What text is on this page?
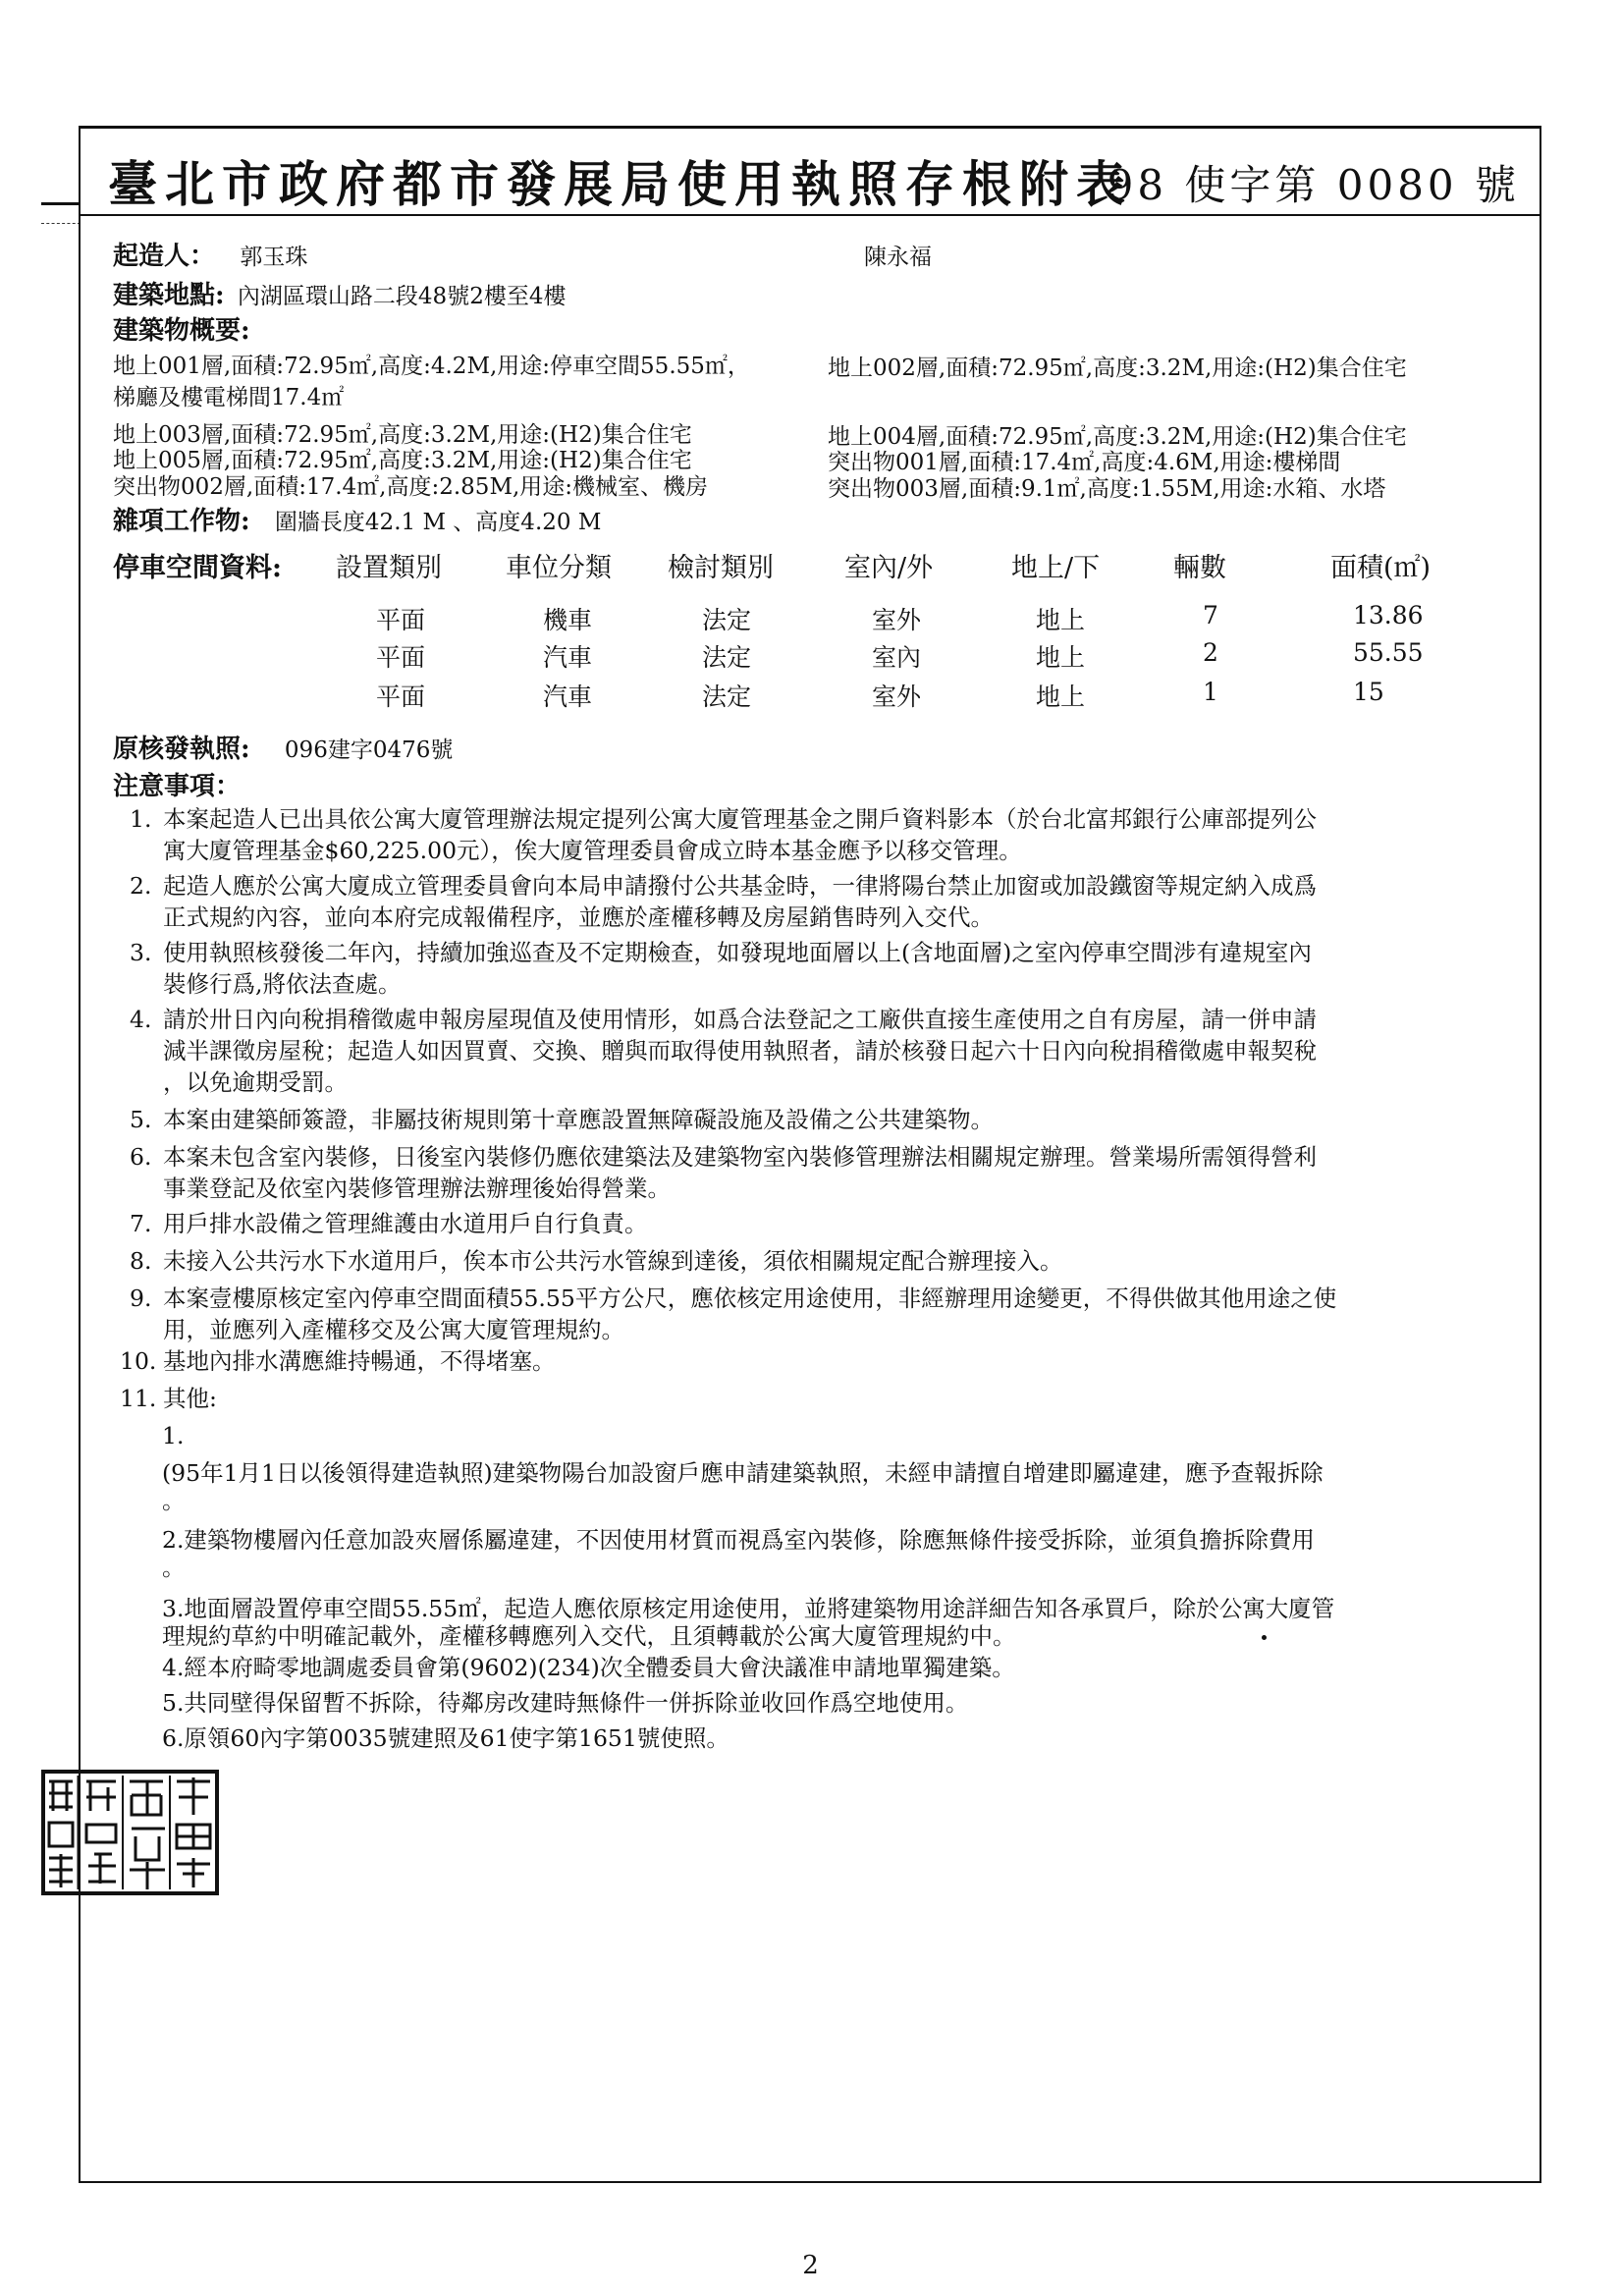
臺北市政府都市發展局使用執照存根附表
98 使字第 0080 號
起造人： 郭玉珠	陳永福
建築地點: 內湖區環山路二段48號2樓至4樓
建築物概要:
地上001層,面積:72.95㎡,高度:4.2M,用途:停車空間55.55㎡，	地上002層,面積:72.95㎡,高度:3.2M,用途:(H2)集合住宅
梯廳及樓電梯間17.4㎡
地上003層,面積:72.95㎡,高度:3.2M,用途:(H2)集合住宅	地上004層,面積:72.95㎡,高度:3.2M,用途:(H2)集合住宅
地上005層,面積:72.95㎡,高度:3.2M,用途:(H2)集合住宅	突出物001層,面積:17.4㎡,高度:4.6M,用途:樓梯間
突出物002層,面積:17.4㎡,高度:2.85M,用途:機械室、機房	突出物003層,面積:9.1㎡,高度:1.55M,用途:水箱、水塔
雜項工作物: 圍牆長度42.1 M 、高度4.20 M
停車空間資料: 設置類別 車位分類 檢討類別	室內/外	地上/下	輛數	面積(㎡)
平面	機車	法定	室外	地上	7	13.86
平面	汽車	法定	室內	地上	2	55.55
平面	汽車	法定	室外	地上	1	15
原核發執照: 096建字0476號
注意事項：
1. 本案起造人已出具依公寓大廈管理辦法規定提列公寓大廈管理基金之開戶資料影本（於台北富邦銀行公庫部提列公
寓大廈管理基金$60,225.00元），俟大廈管理委員會成立時本基金應予以移交管理。
2. 起造人應於公寓大廈成立管理委員會向本局申請撥付公共基金時，一律將陽台禁止加窗或加設鐵窗等規定納入成爲
正式規約內容，並向本府完成報備程序，並應於產權移轉及房屋銷售時列入交代。
3. 使用執照核發後二年內，持續加強巡查及不定期檢查，如發現地面層以上(含地面層)之室內停車空間涉有違規室內
裝修行爲,將依法查處。
4. 請於卅日內向稅捐稽徵處申報房屋現值及使用情形，如爲合法登記之工廠供直接生產使用之自有房屋，請一併申請
減半課徵房屋稅；起造人如因買賣、交換、贈與而取得使用執照者，請於核發日起六十日內向稅捐稽徵處申報契稅
，以免逾期受罰。
5. 本案由建築師簽證，非屬技術規則第十章應設置無障礙設施及設備之公共建築物。
6. 本案未包含室內裝修，日後室內裝修仍應依建築法及建築物室內裝修管理辦法相關規定辦理。營業場所需領得營利
事業登記及依室內裝修管理辦法辦理後始得營業。
7. 用戶排水設備之管理維護由水道用戶自行負責。
8. 未接入公共污水下水道用戶，俟本市公共污水管線到達後，須依相關規定配合辦理接入。
9. 本案壹樓原核定室內停車空間面積55.55平方公尺，應依核定用途使用，非經辦理用途變更，不得供做其他用途之使
用，並應列入產權移交及公寓大廈管理規約。
10. 基地內排水溝應維持暢通，不得堵塞。
11. 其他:
1.
(95年1月1日以後領得建造執照)建築物陽台加設窗戶應申請建築執照，未經申請擅自增建即屬違建，應予查報拆除
。
2.建築物樓層內任意加設夾層係屬違建，不因使用材質而視爲室內裝修，除應無條件接受拆除，並須負擔拆除費用
。
3.地面層設置停車空間55.55㎡，起造人應依原核定用途使用，並將建築物用途詳細告知各承買戶，除於公寓大廈管
理規約草約中明確記載外，產權移轉應列入交代，且須轉載於公寓大廈管理規約中。
4.經本府畸零地調處委員會第(9602)(234)次全體委員大會決議准申請地單獨建築。
5.共同壁得保留暫不拆除，待鄰房改建時無條件一併拆除並收回作爲空地使用。
6.原領60內字第0035號建照及61使字第1651號使照。
2
